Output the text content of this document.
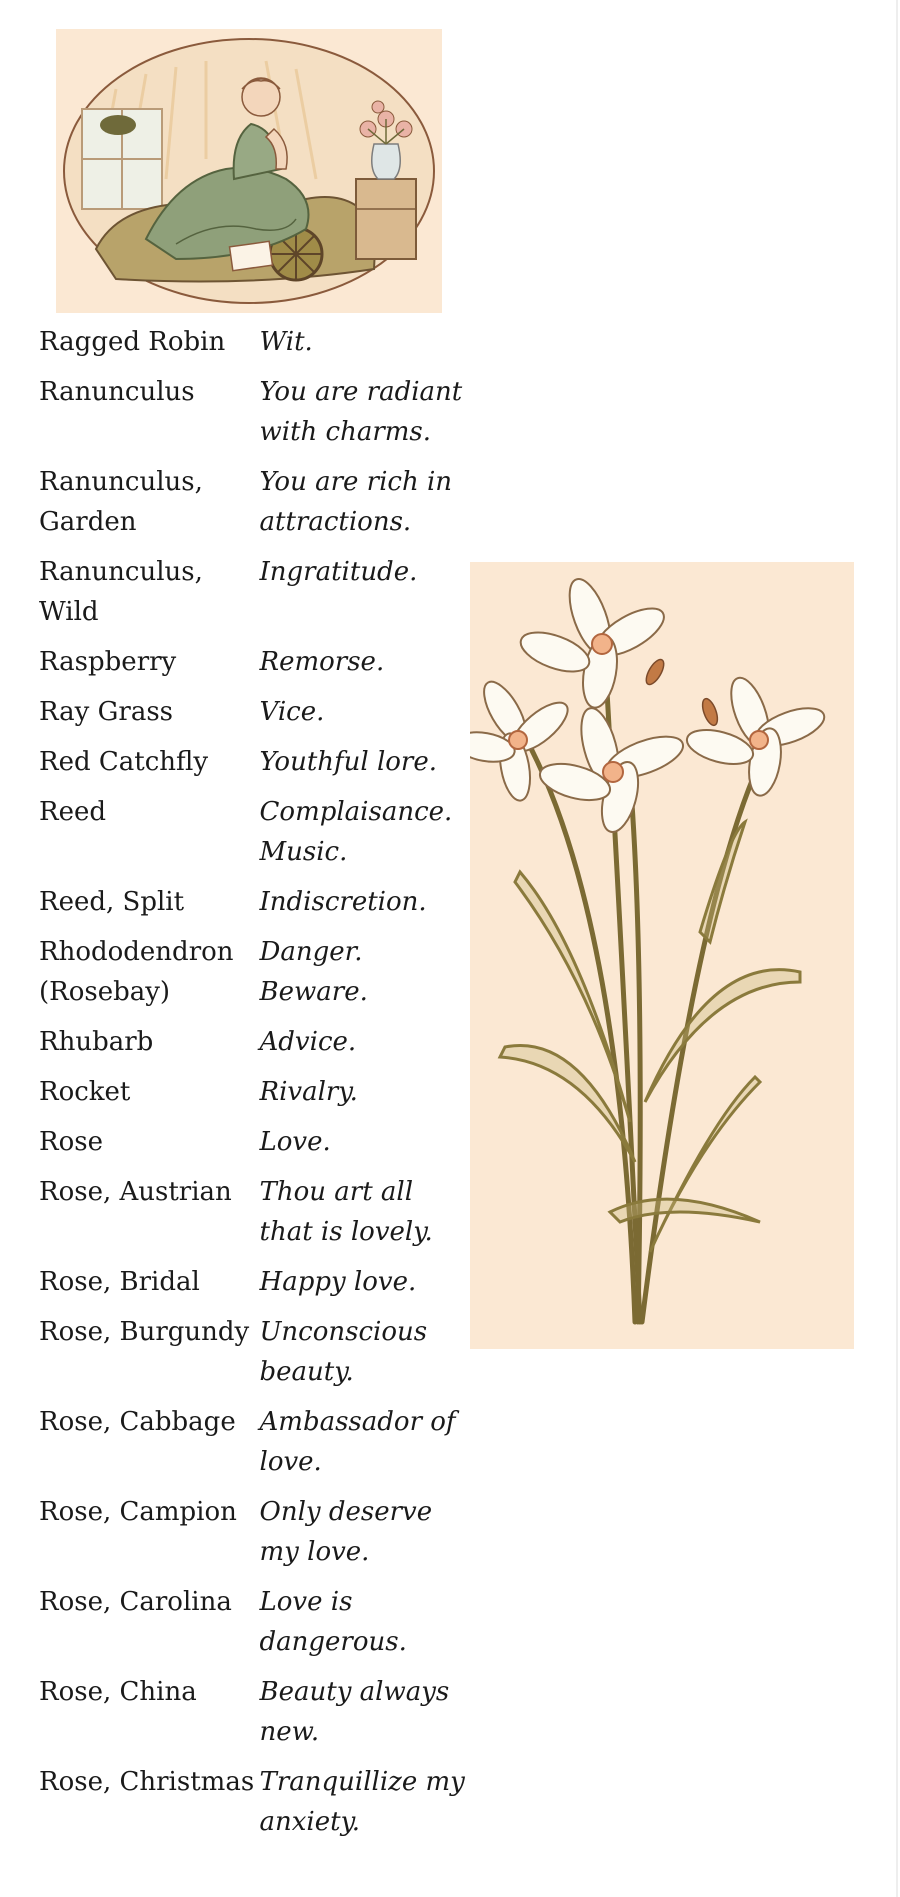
Ragged Robin	Wit.
Ranunculus	You are radiant with charms.
Ranunculus, Garden	You are rich in attractions.
Ranunculus, Wild	Ingratitude.
Raspberry	Remorse.
Ray Grass	Vice.
Red Catchfly	Youthful lore.
Reed	Complaisance. Music.
Reed, Split	Indiscretion.
Rhododendron (Rosebay)	Danger. Beware.
Rhubarb	Advice.
Rocket	Rivalry.
Rose	Love.
Rose, Austrian	Thou art all that is lovely.
Rose, Bridal	Happy love.
Rose, Burgundy	Unconscious beauty.
Rose, Cabbage	Ambassador of love.
Rose, Campion	Only deserve my love.
Rose, Carolina	Love is dangerous.
Rose, China	Beauty always new.
Rose, Christmas	Tranquillize my anxiety.
